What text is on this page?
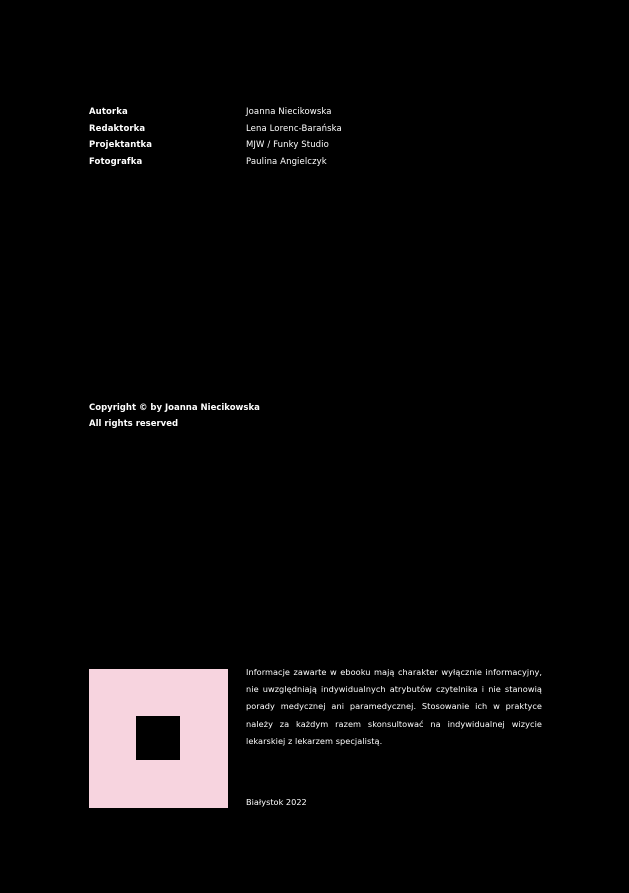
Autorka	Joanna Niecikowska
Redaktorka	Lena Lorenc-Barańska
Projektantka	MJW / Funky Studio
Fotografka	Paulina Angielczyk
Copyright © by Joanna Niecikowska
All rights reserved
Informacje zawarte w ebooku mają charakter wyłącznie informacyjny, nie uwzględniają indywidualnych atrybutów czytelnika i nie stanowią porady medycznej ani paramedycznej. Stosowanie ich w praktyce należy za każdym razem skonsultować na indywidualnej wizycie lekarskiej z lekarzem specjalistą.
Białystok 2022
